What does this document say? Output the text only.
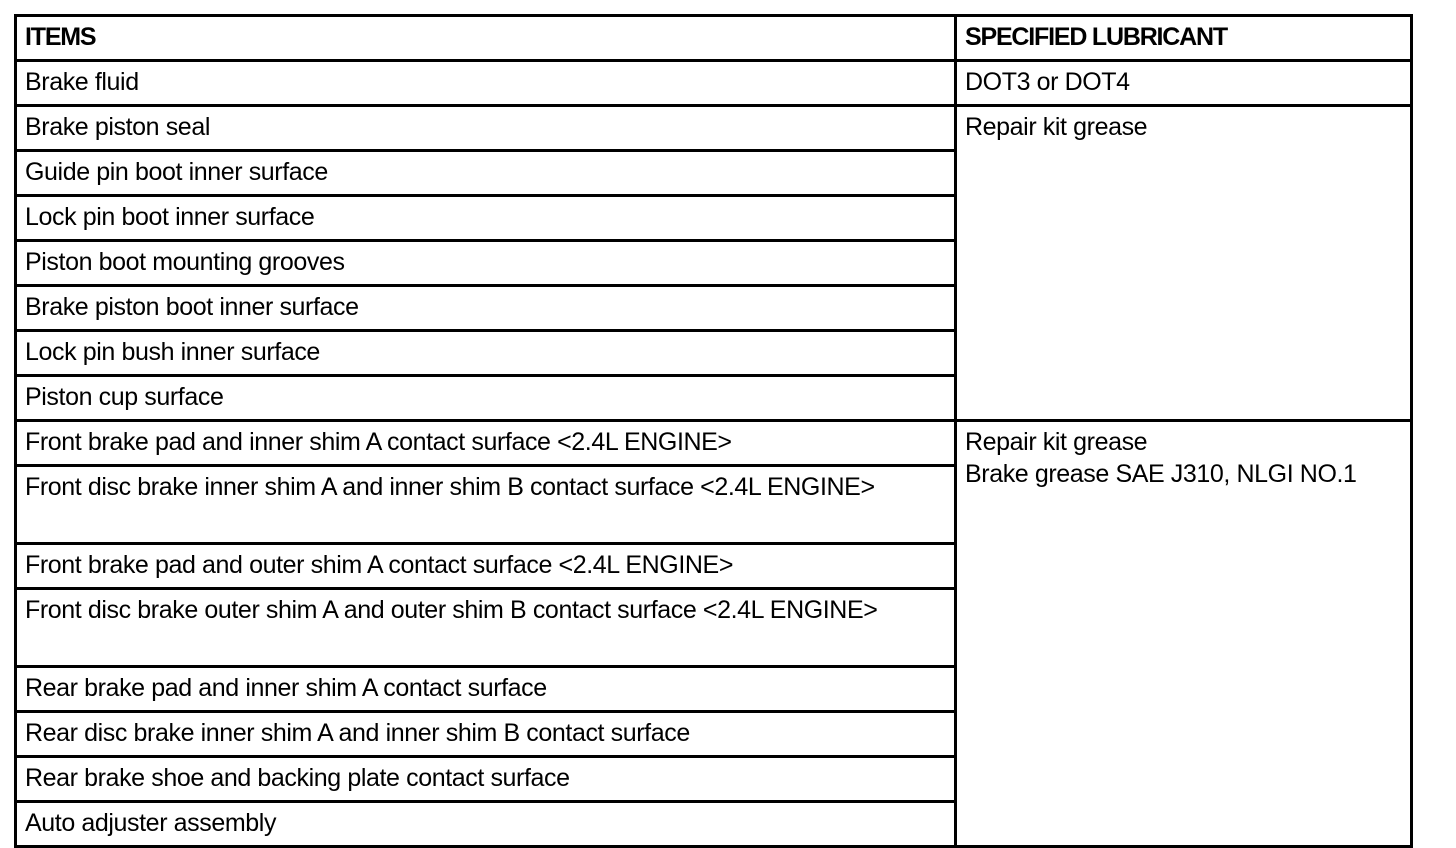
ITEMS	SPECIFIED LUBRICANT
Brake fluid	DOT3 or DOT4

Brake piston seal	Repair kit grease

Guide pin boot inner surface	
Lock pin boot inner surface	
Piston boot mounting grooves	
Brake piston boot inner surface	
Lock pin bush inner surface	
Piston cup surface	
Front brake pad and inner shim A contact surface <2.4L ENGINE>	Repair kit grease
Brake grease SAE J310, NLGI NO.1

Front disc brake inner shim A and inner shim B contact surface <2.4L ENGINE>	
Front brake pad and outer shim A contact surface <2.4L ENGINE>	
Front disc brake outer shim A and outer shim B contact surface <2.4L ENGINE>	
Rear brake pad and inner shim A contact surface	
Rear disc brake inner shim A and inner shim B contact surface	
Rear brake shoe and backing plate contact surface	
Auto adjuster assembly	
